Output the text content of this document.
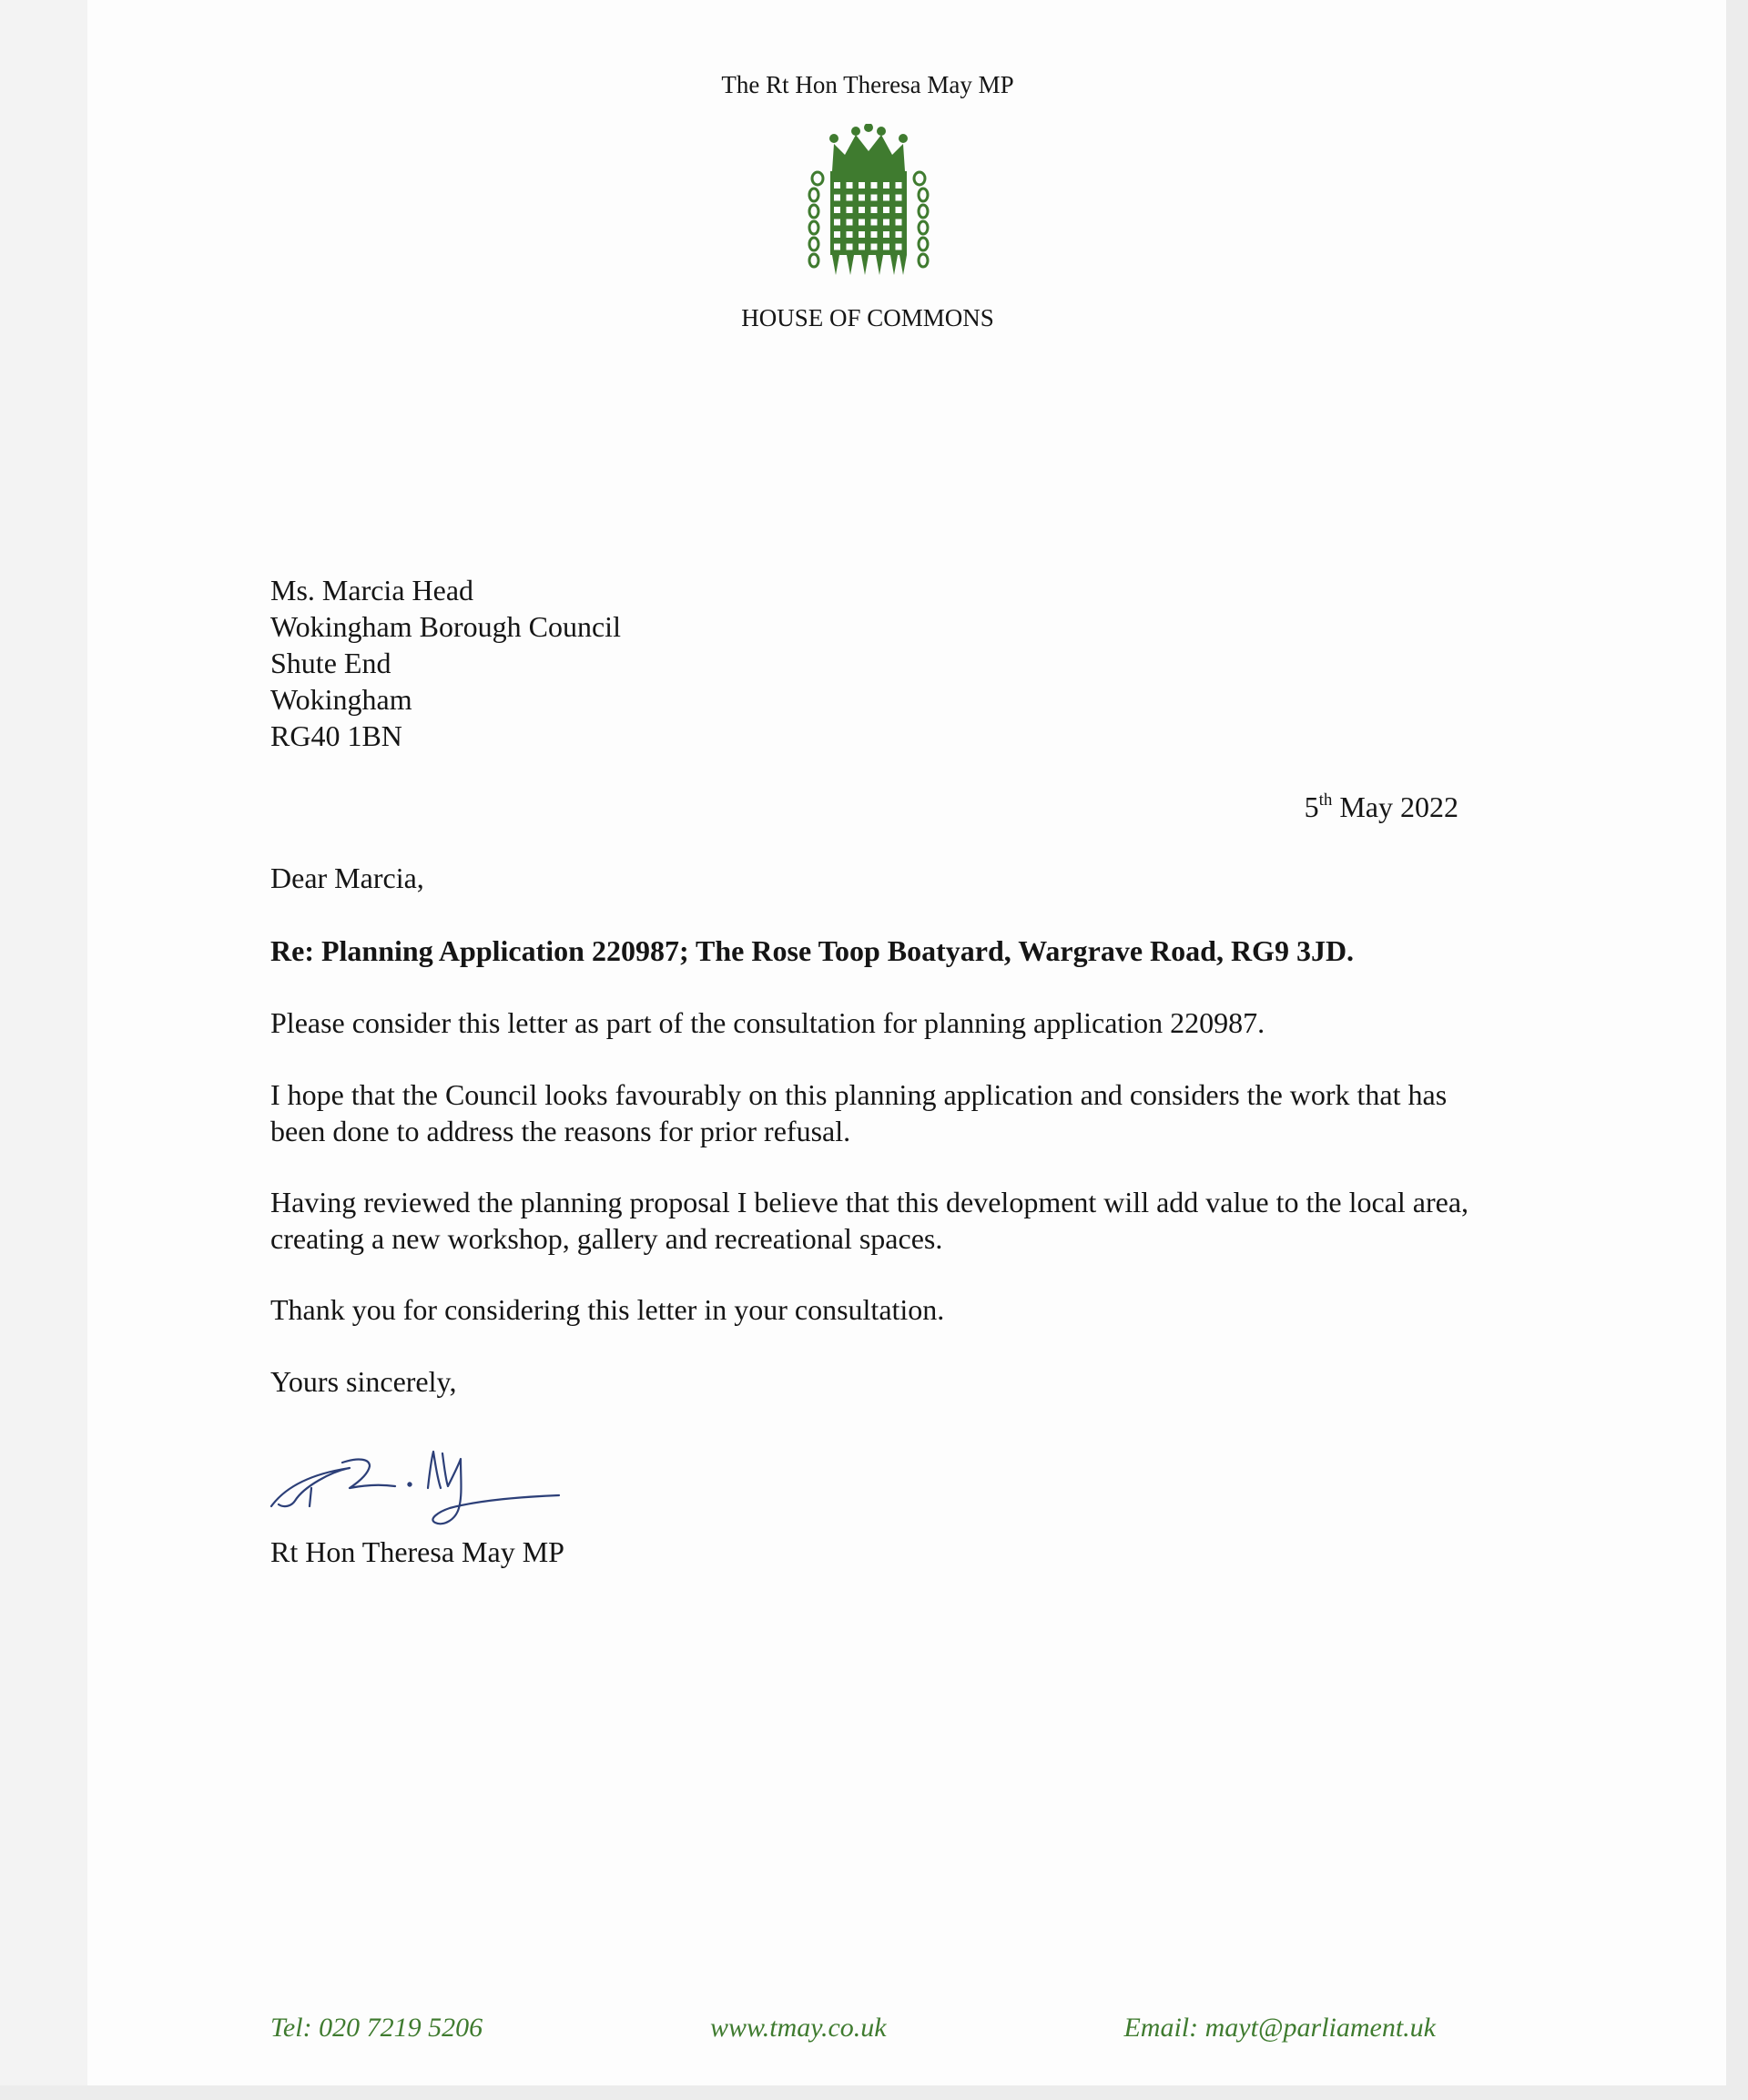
The Rt Hon Theresa May MP
HOUSE OF COMMONS
Ms. Marcia Head
Wokingham Borough Council
Shute End
Wokingham
RG40 1BN
5th May 2022
Dear Marcia,
Re: Planning Application 220987; The Rose Toop Boatyard, Wargrave Road, RG9 3JD.
Please consider this letter as part of the consultation for planning application 220987.
I hope that the Council looks favourably on this planning application and considers the work that has been done to address the reasons for prior refusal.
Having reviewed the planning proposal I believe that this development will add value to the local area, creating a new workshop, gallery and recreational spaces.
Thank you for considering this letter in your consultation.
Yours sincerely,
Rt Hon Theresa May MP
Tel: 020 7219 5206	www.tmay.co.uk	Email: mayt@parliament.uk
